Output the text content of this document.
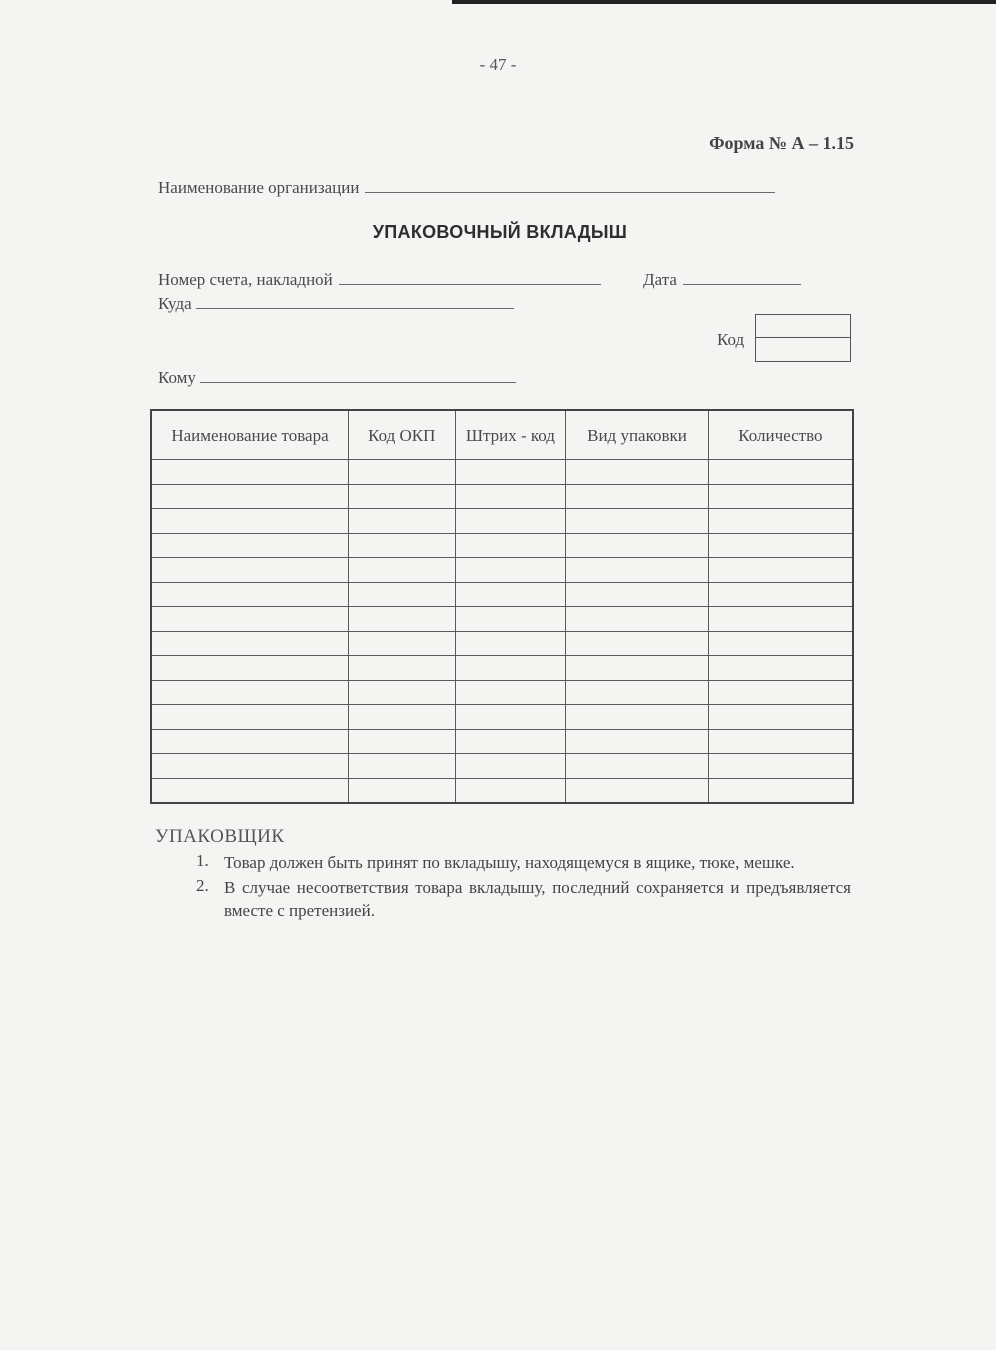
- 47 -
Форма № А – 1.15
Наименование организации
УПАКОВОЧНЫЙ ВКЛАДЫШ
Номер счета, накладной	Дата
Куда
Код
Кому
Наименование товара	Код ОКП	Штрих - код	Вид упаковки	Количество

УПАКОВЩИК
1. Товар должен быть принят по вкладышу, находящемуся в ящике, тюке, мешке.
2. В случае несоответствия товара вкладышу, последний сохраняется и предъявляется вместе с претензией.
